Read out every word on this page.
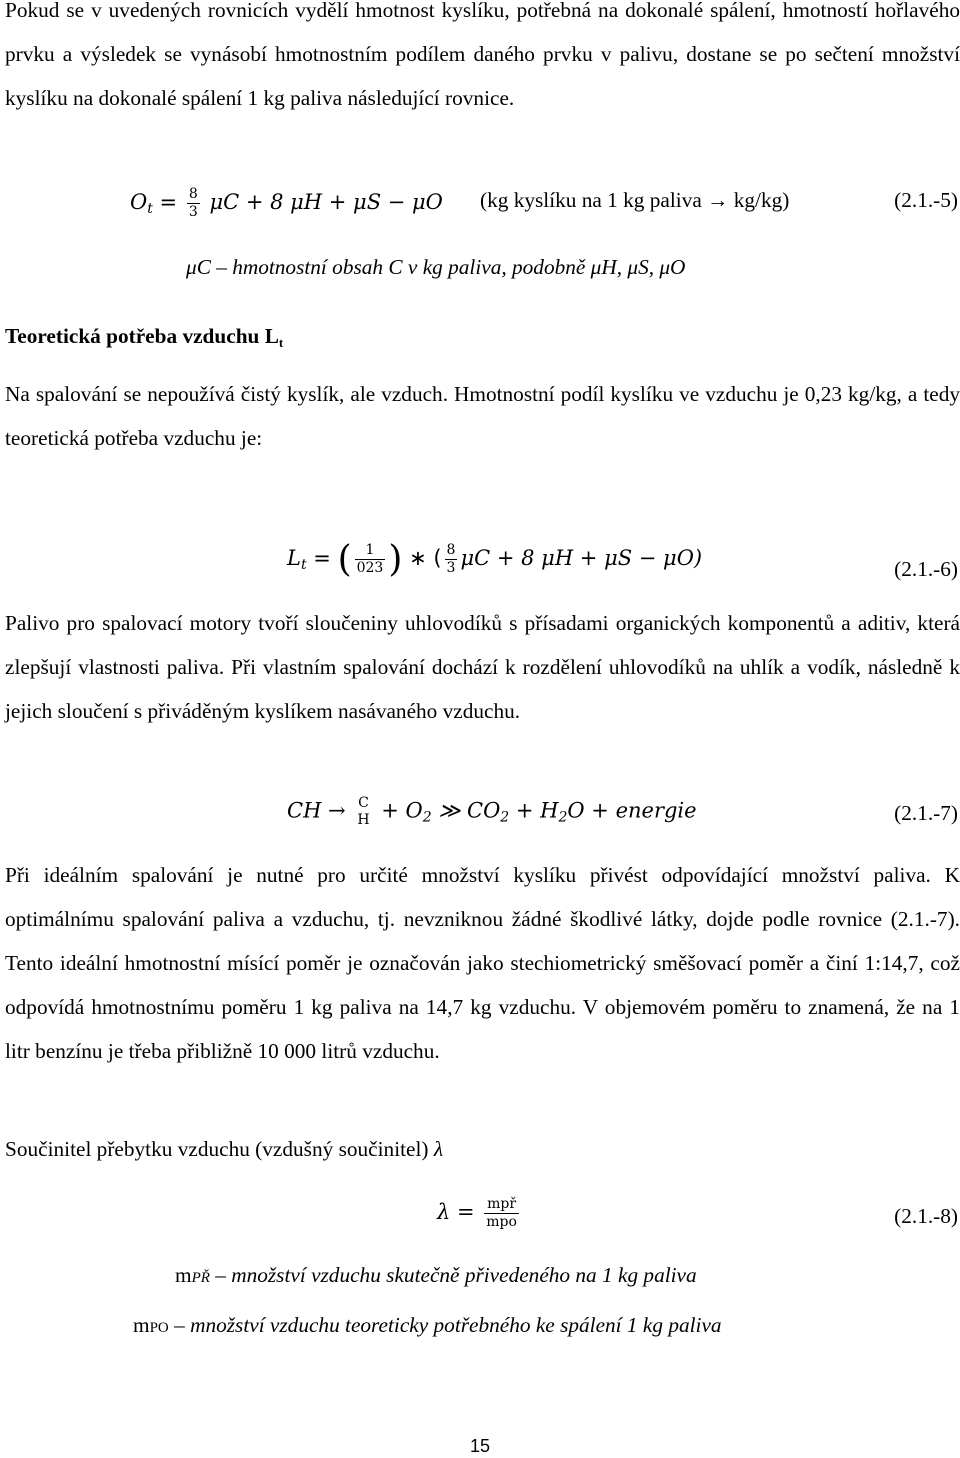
Pokud se v uvedených rovnicích vydělí hmotnost kyslíku, potřebná na dokonalé spálení, hmotností hořlavého prvku a výsledek se vynásobí hmotnostním podílem daného prvku v palivu, dostane se po sečtení množství kyslíku na dokonalé spálení 1 kg paliva následující rovnice.
$O_t = \frac{8}{3}$ μC + 8 μH + μS − μO (kg kyslíku na 1 kg paliva → kg/kg)	(2.1.-5)
μC – hmotnostní obsah C v kg paliva, podobně μH, μS, μO
Teoretická potřeba vzduchu $L_t$
Na spalování se nepoužívá čistý kyslík, ale vzduch. Hmotnostní podíl kyslíku ve vzduchu je 0,23 kg/kg, a tedy teoretická potřeba vzduchu je:
$L_t$ = ( $\frac{1}{023}$ ) ∗ ( $\frac{8}{3}$ μC + 8 μH + μS − μO)	(2.1.-6)
Palivo pro spalovací motory tvoří sloučeniny uhlovodíků s přísadami organických komponentů a aditiv, která zlepšují vlastnosti paliva. Při vlastním spalování dochází k rozdělení uhlovodíků na uhlík a vodík, následně k jejich sloučení s přiváděným kyslíkem nasávaného vzduchu.
CH → C
$H + O_2$ ≫ $CO_2 + H_2O$ + energie	(2.1.-7)
Při ideálním spalování je nutné pro určité množství kyslíku přivést odpovídající množství paliva. K optimálnímu spalování paliva a vzduchu, tj. nevzniknou žádné škodlivé látky, dojde podle rovnice (2.1.-7). Tento ideální hmotnostní mísící poměr je označován jako stechiometrický směšovací poměr a činí 1:14,7, což odpovídá hmotnostnímu poměru 1 kg paliva na 14,7 kg vzduchu. V objemovém poměru to znamená, že na 1 litr benzínu je třeba přibližně 10 000 litrů vzduchu.
Součinitel přebytku vzduchu (vzdušný součinitel) λ
$\lambda = \frac{\text{mpř}}{\text{mpo}}$	(2.1.-8)
mPŘ – množství vzduchu skutečně přivedeného na 1 kg paliva
mPO – množství vzduchu teoreticky potřebného ke spálení 1 kg paliva
15
